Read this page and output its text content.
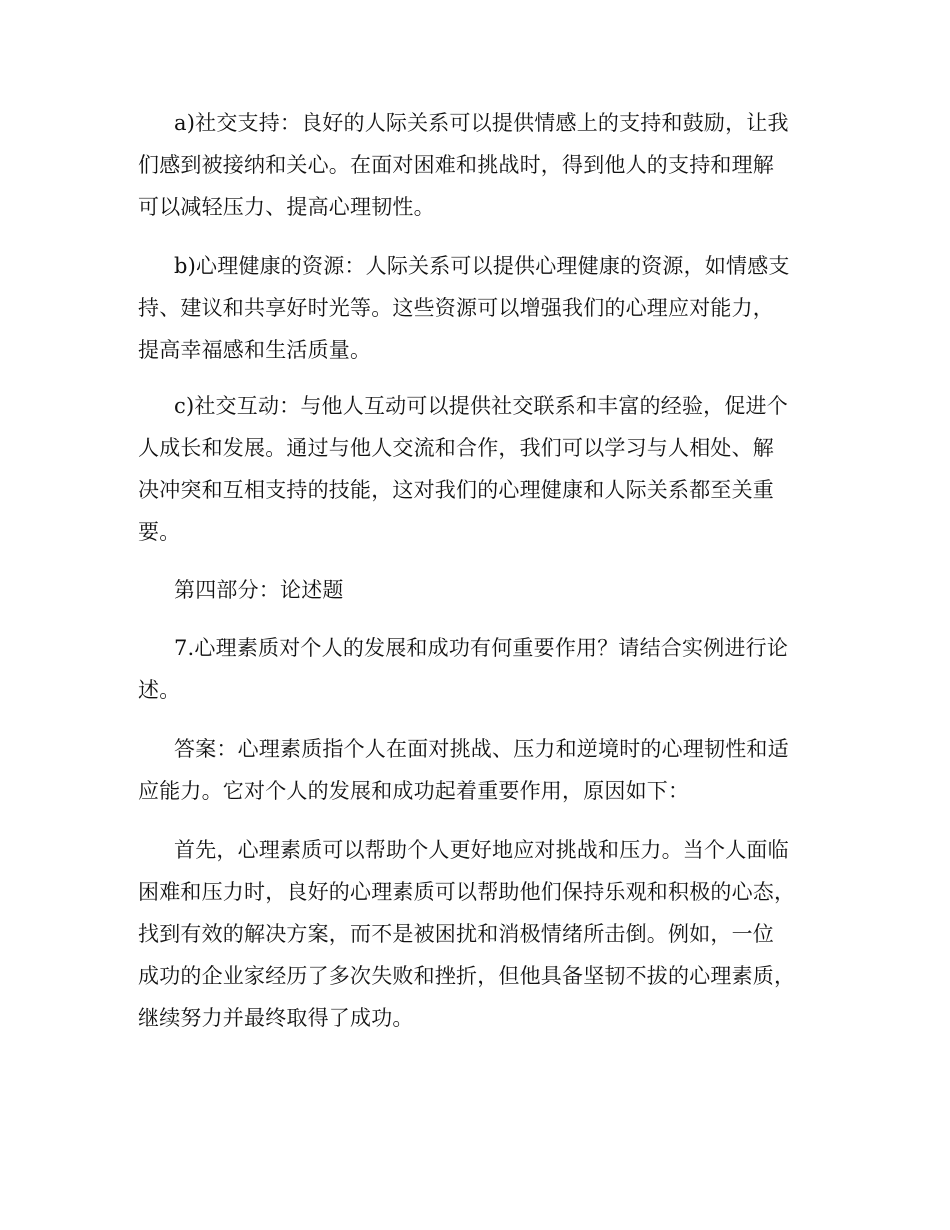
a)社交支持：良好的人际关系可以提供情感上的支持和鼓励，让我
们感到被接纳和关心。在面对困难和挑战时，得到他人的支持和理解
可以减轻压力、提高心理韧性。
b)心理健康的资源：人际关系可以提供心理健康的资源，如情感支
持、建议和共享好时光等。这些资源可以增强我们的心理应对能力，
提高幸福感和生活质量。
c)社交互动：与他人互动可以提供社交联系和丰富的经验，促进个
人成长和发展。通过与他人交流和合作，我们可以学习与人相处、解
决冲突和互相支持的技能，这对我们的心理健康和人际关系都至关重
要。
第四部分：论述题
7.心理素质对个人的发展和成功有何重要作用？请结合实例进行论
述。
答案：心理素质指个人在面对挑战、压力和逆境时的心理韧性和适
应能力。它对个人的发展和成功起着重要作用，原因如下：
首先，心理素质可以帮助个人更好地应对挑战和压力。当个人面临
困难和压力时，良好的心理素质可以帮助他们保持乐观和积极的心态，
找到有效的解决方案，而不是被困扰和消极情绪所击倒。例如，一位
成功的企业家经历了多次失败和挫折，但他具备坚韧不拔的心理素质，
继续努力并最终取得了成功。
